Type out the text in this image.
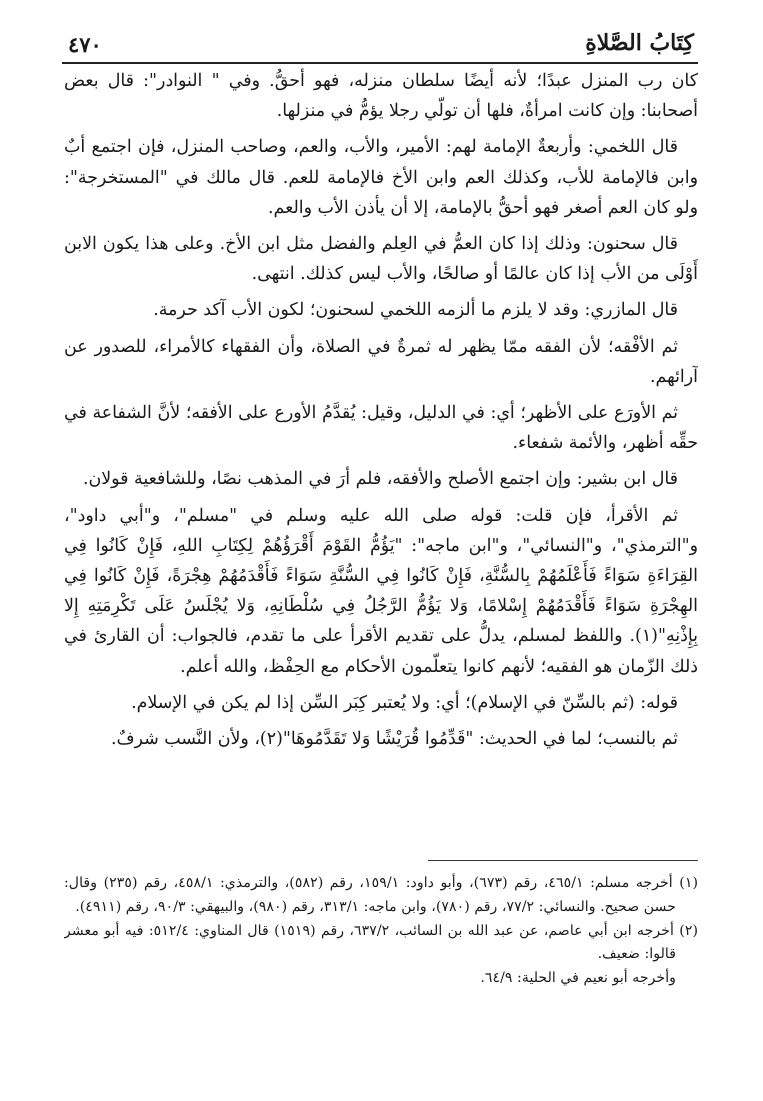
٤٧٠	كِتَابُ الصَّلاةِ

كان رب المنزل عبدًا؛ لأنه أيضًا سلطان منزله، فهو أحقُّ. وفي " النوادر": قال بعض أصحابنا: وإن كانت امرأةٌ، فلها أن تولّي رجلا يؤمُّ في منزلها.

قال اللخمي: وأربعةٌ الإمامة لهم: الأمير، والأب، والعم، وصاحب المنزل، فإن اجتمع أبٌ وابن فالإمامة للأب، وكذلك العم وابن الأخ فالإمامة للعم. قال مالك في "المستخرجة": ولو كان العم أصغر فهو أحقُّ بالإمامة، إلا أن يأذن الأب والعم.

قال سحنون: وذلك إذا كان العمُّ في العِلم والفضل مثل ابن الأخ. وعلى هذا يكون الابن أَوْلَى من الأب إذا كان عالمًا أو صالحًا، والأب ليس كذلك. انتهى.

قال المازري: وقد لا يلزم ما ألزمه اللخمي لسحنون؛ لكون الأب آكد حرمة.

ثم الأفْقه؛ لأن الفقه ممّا يظهر له ثمرةٌ في الصلاة، وأن الفقهاء كالأمراء، للصدور عن آرائهم.

ثم الأورَع على الأظهر؛ أي: في الدليل، وقيل: يُقدَّمُ الأورع على الأفقه؛ لأنَّ الشفاعة في حقِّه أظهر، والأئمة شفعاء.

قال ابن بشير: وإن اجتمع الأصلح والأفقه، فلم أرَ في المذهب نصًا، وللشافعية قولان.

ثم الأقرأ، فإن قلت: قوله صلى الله عليه وسلم في "مسلم"، و"أبي داود"، و"الترمذي"، و"النسائي"، و"ابن ماجه": "يَؤُمُّ القَوْمَ أَقْرَؤُهُمْ لِكِتَابِ اللهِ، فَإِنْ كَانُوا فِي القِرَاءَةِ سَوَاءً فَأَعْلَمُهُمْ بِالسُّنَّةِ، فَإِنْ كَانُوا فِي السُّنَّةِ سَوَاءً فَأَقْدَمُهُمْ هِجْرَةً، فَإِنْ كَانُوا فِي الهِجْرَةِ سَوَاءً فَأَقْدَمُهُمْ إِسْلامًا، وَلا يَؤُمُّ الرَّجُلُ فِي سُلْطَانِهِ، وَلا يُجْلَسُ عَلَى تَكْرِمَتِهِ إِلا بِإِذْنِهِ"(١). واللفظ لمسلم، يدلُّ على تقديم الأقرأ على ما تقدم، فالجواب: أن القارئ في ذلك الزّمان هو الفقيه؛ لأنهم كانوا يتعلّمون الأحكام مع الحِفْظ، والله أعلم.

قوله: (ثم بالسِّنّ في الإسلام)؛ أي: ولا يُعتبر كِبَر السِّن إذا لم يكن في الإسلام.

ثم بالنسب؛ لما في الحديث: "قَدِّمُوا قُرَيْشًا وَلا تَقَدَّمُوهَا"(٢)، ولأن النَّسب شرفٌ.

(١) أخرجه مسلم: ٤٦٥/١، رقم (٦٧٣)، وأبو داود: ١٥٩/١، رقم (٥٨٢)، والترمذي: ٤٥٨/١، رقم (٢٣٥) وقال: حسن صحيح. والنسائي: ٧٧/٢، رقم (٧٨٠)، وابن ماجه: ٣١٣/١، رقم (٩٨٠)، والبيهقي: ٩٠/٣، رقم (٤٩١١).

(٢) أخرجه ابن أبي عاصم، عن عبد الله بن السائب، ٦٣٧/٢، رقم (١٥١٩) قال المناوي: ٥١٢/٤: فيه أبو معشر قالوا: ضعيف.

وأخرجه أبو نعيم في الحلية: ٦٤/٩.
